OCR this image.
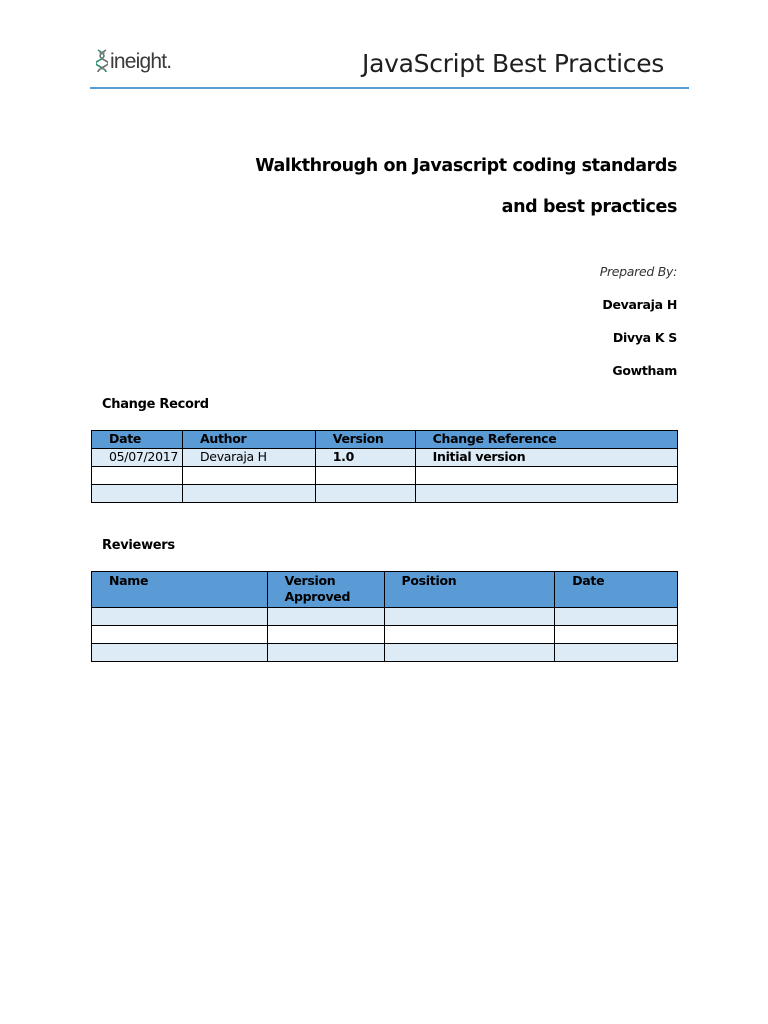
ineight.	JavaScript Best Practices
Walkthrough on Javascript coding standards
and best practices
Prepared By:
Devaraja H
Divya K S
Gowtham
Change Record
Date	Author	Version	Change Reference
05/07/2017	Devaraja H	1.0	Initial version

Reviewers
Name	Version Approved	Position	Date
